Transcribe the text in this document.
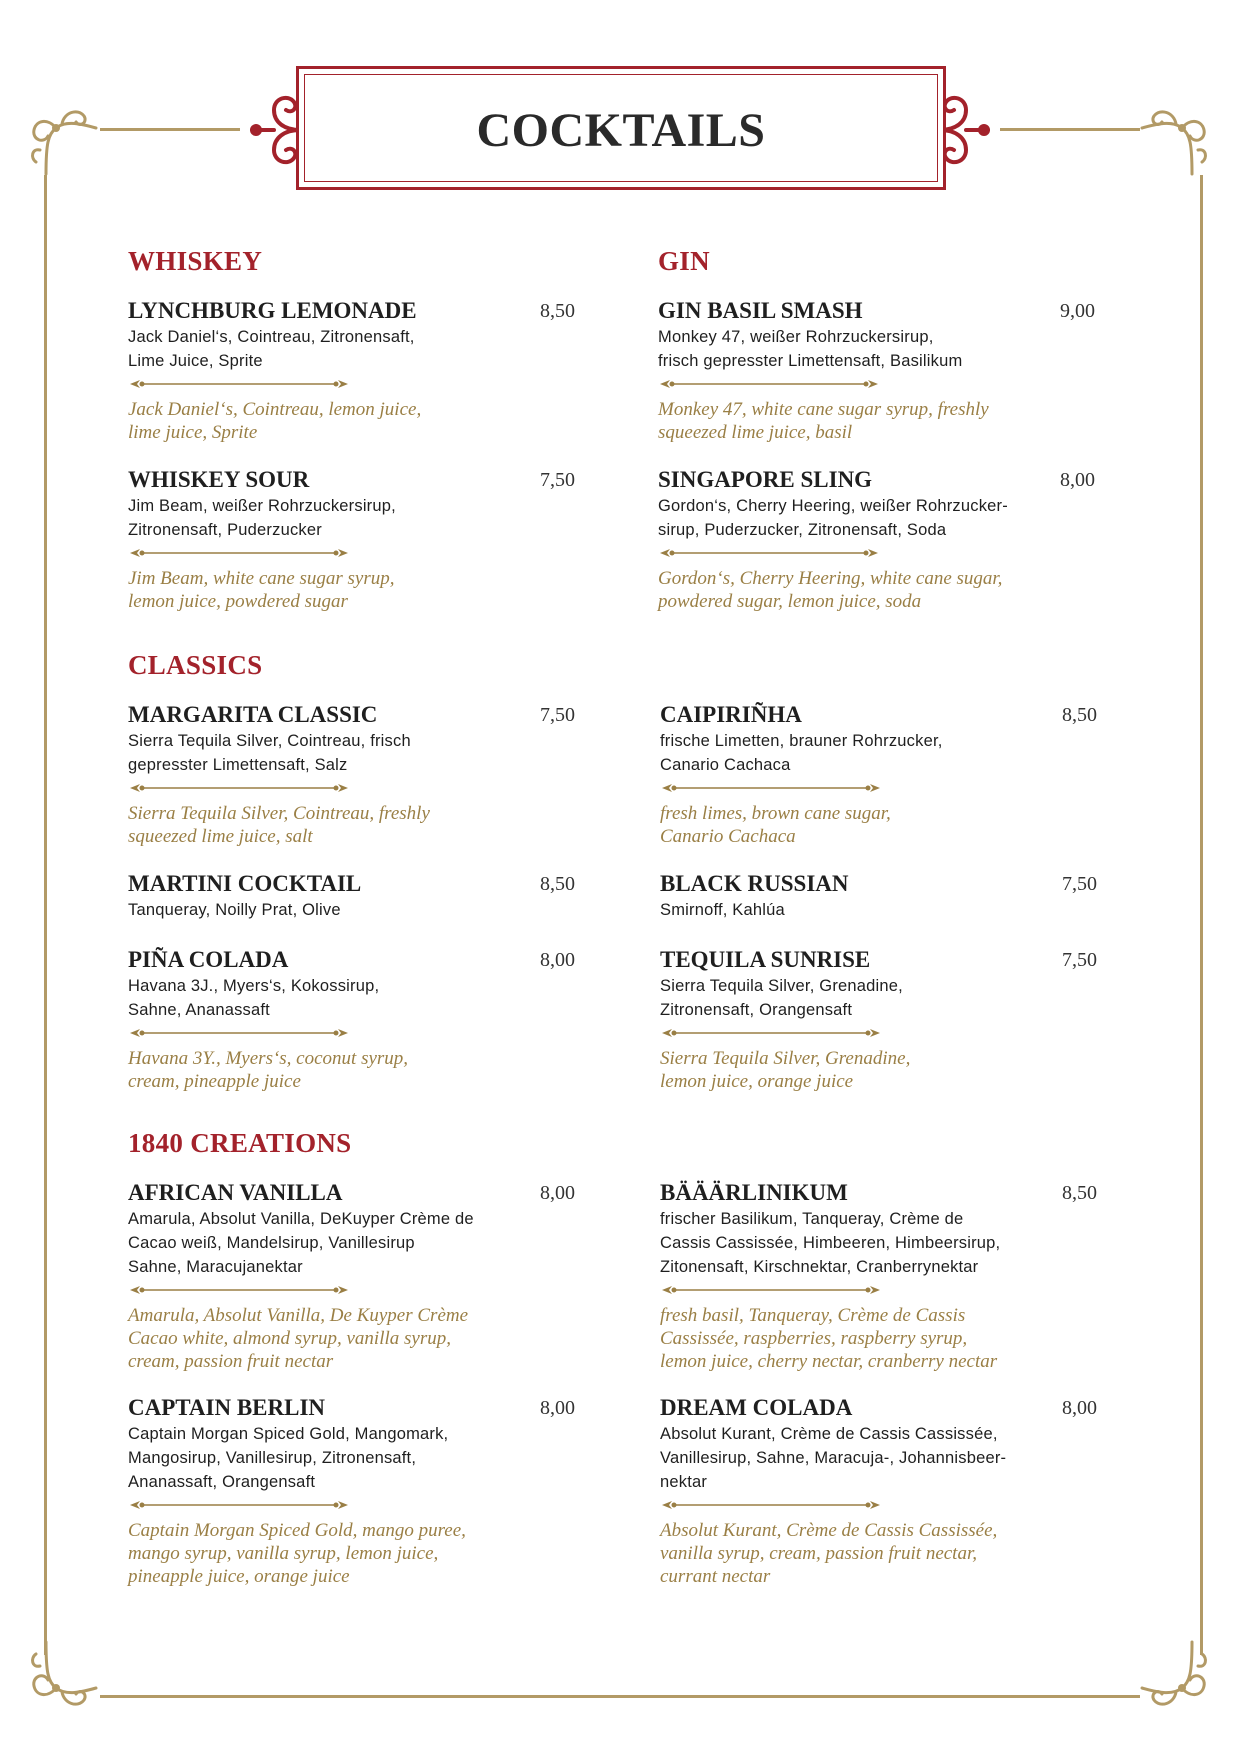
COCKTAILS
WHISKEY	GIN
CLASSICS
1840 CREATIONS
LYNCHBURG LEMONADE	8,50
Jack Daniel‘s, Cointreau, Zitronensaft,
Lime Juice, Sprite
Jack Daniel‘s, Cointreau, lemon juice,
lime juice, Sprite
WHISKEY SOUR	7,50
Jim Beam, weißer Rohrzuckersirup,
Zitronensaft, Puderzucker
Jim Beam, white cane sugar syrup,
lemon juice, powdered sugar
GIN BASIL SMASH	9,00
Monkey 47, weißer Rohrzuckersirup,
frisch gepresster Limettensaft, Basilikum
Monkey 47, white cane sugar syrup, freshly
squeezed lime juice, basil
SINGAPORE SLING	8,00
Gordon‘s, Cherry Heering, weißer Rohrzucker-
sirup, Puderzucker, Zitronensaft, Soda
Gordon‘s, Cherry Heering, white cane sugar,
powdered sugar, lemon juice, soda
MARGARITA CLASSIC	7,50
Sierra Tequila Silver, Cointreau, frisch
gepresster Limettensaft, Salz
Sierra Tequila Silver, Cointreau, freshly
squeezed lime juice, salt
MARTINI COCKTAIL	8,50
Tanqueray, Noilly Prat, Olive
PIÑA COLADA	8,00
Havana 3J., Myers‘s, Kokossirup,
Sahne, Ananassaft
Havana 3Y., Myers‘s, coconut syrup,
cream, pineapple juice
CAIPIRIÑHA	8,50
frische Limetten, brauner Rohrzucker,
Canario Cachaca
fresh limes, brown cane sugar,
Canario Cachaca
BLACK RUSSIAN	7,50
Smirnoff, Kahlúa
TEQUILA SUNRISE	7,50
Sierra Tequila Silver, Grenadine,
Zitronensaft, Orangensaft
Sierra Tequila Silver, Grenadine,
lemon juice, orange juice
AFRICAN VANILLA	8,00
Amarula, Absolut Vanilla, DeKuyper Crème de
Cacao weiß, Mandelsirup, Vanillesirup
Sahne, Maracujanektar
Amarula, Absolut Vanilla, De Kuyper Crème
Cacao white, almond syrup, vanilla syrup,
cream, passion fruit nectar
CAPTAIN BERLIN	8,00
Captain Morgan Spiced Gold, Mangomark,
Mangosirup, Vanillesirup, Zitronensaft,
Ananassaft, Orangensaft
Captain Morgan Spiced Gold, mango puree,
mango syrup, vanilla syrup, lemon juice,
pineapple juice, orange juice
BÄÄÄRLINIKUM	8,50
frischer Basilikum, Tanqueray, Crème de
Cassis Cassissée, Himbeeren, Himbeersirup,
Zitonensaft, Kirschnektar, Cranberrynektar
fresh basil, Tanqueray, Crème de Cassis
Cassissée, raspberries, raspberry syrup,
lemon juice, cherry nectar, cranberry nectar
DREAM COLADA	8,00
Absolut Kurant, Crème de Cassis Cassissée,
Vanillesirup, Sahne, Maracuja-, Johannisbeer-
nektar
Absolut Kurant, Crème de Cassis Cassissée,
vanilla syrup, cream, passion fruit nectar,
currant nectar
